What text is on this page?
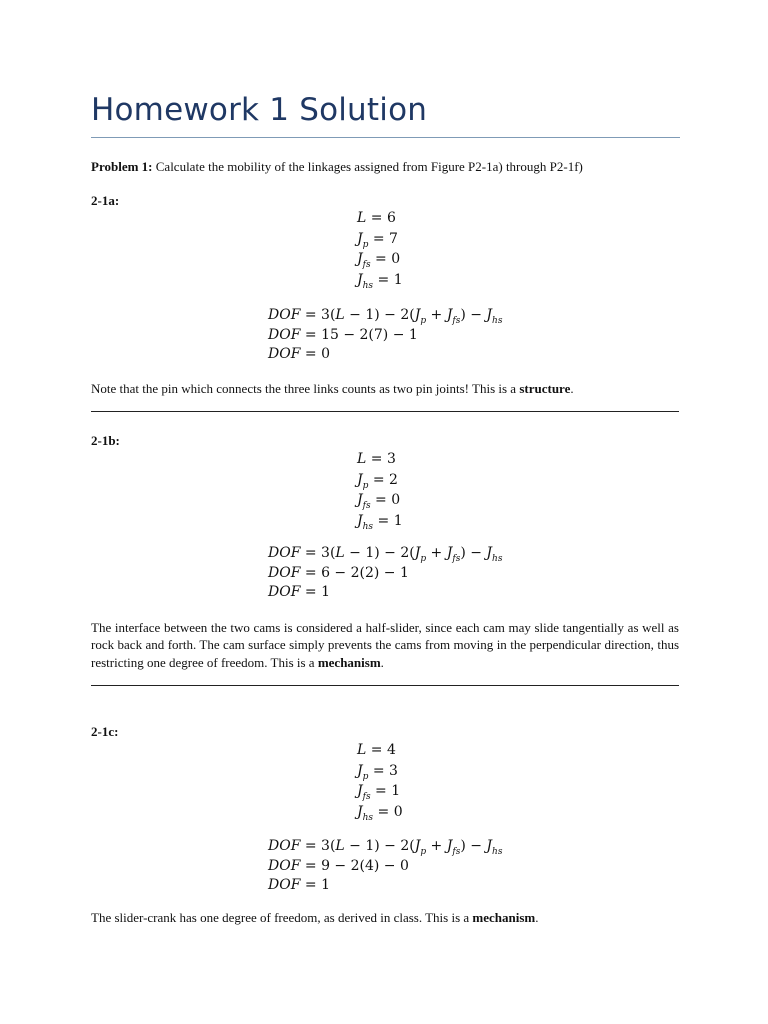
Homework 1 Solution
Problem 1: Calculate the mobility of the linkages assigned from Figure P2-1a) through P2-1f)
2-1a:
L = 6
$J_p = 7$
$J_{fs} = 0$
$J_{hs} = 1$
DOF = $3(L - 1) - 2(J_p + J_{fs}) - J_{hs}$
DOF = 15 − 2(7) − 1
DOF = 0
Note that the pin which connects the three links counts as two pin joints! This is a structure.
2-1b:
L = 3
$J_p = 2$
$J_{fs} = 0$
$J_{hs} = 1$
DOF = $3(L - 1) - 2(J_p + J_{fs}) - J_{hs}$
DOF = 6 − 2(2) − 1
DOF = 1
The interface between the two cams is considered a half-slider, since each cam may slide tangentially as well as rock back and forth. The cam surface simply prevents the cams from moving in the perpendicular direction, thus restricting one degree of freedom. This is a mechanism.
2-1c:
L = 4
$J_p = 3$
$J_{fs} = 1$
$J_{hs} = 0$
DOF = $3(L - 1) - 2(J_p + J_{fs}) - J_{hs}$
DOF = 9 − 2(4) − 0
DOF = 1
The slider-crank has one degree of freedom, as derived in class. This is a mechanism.
